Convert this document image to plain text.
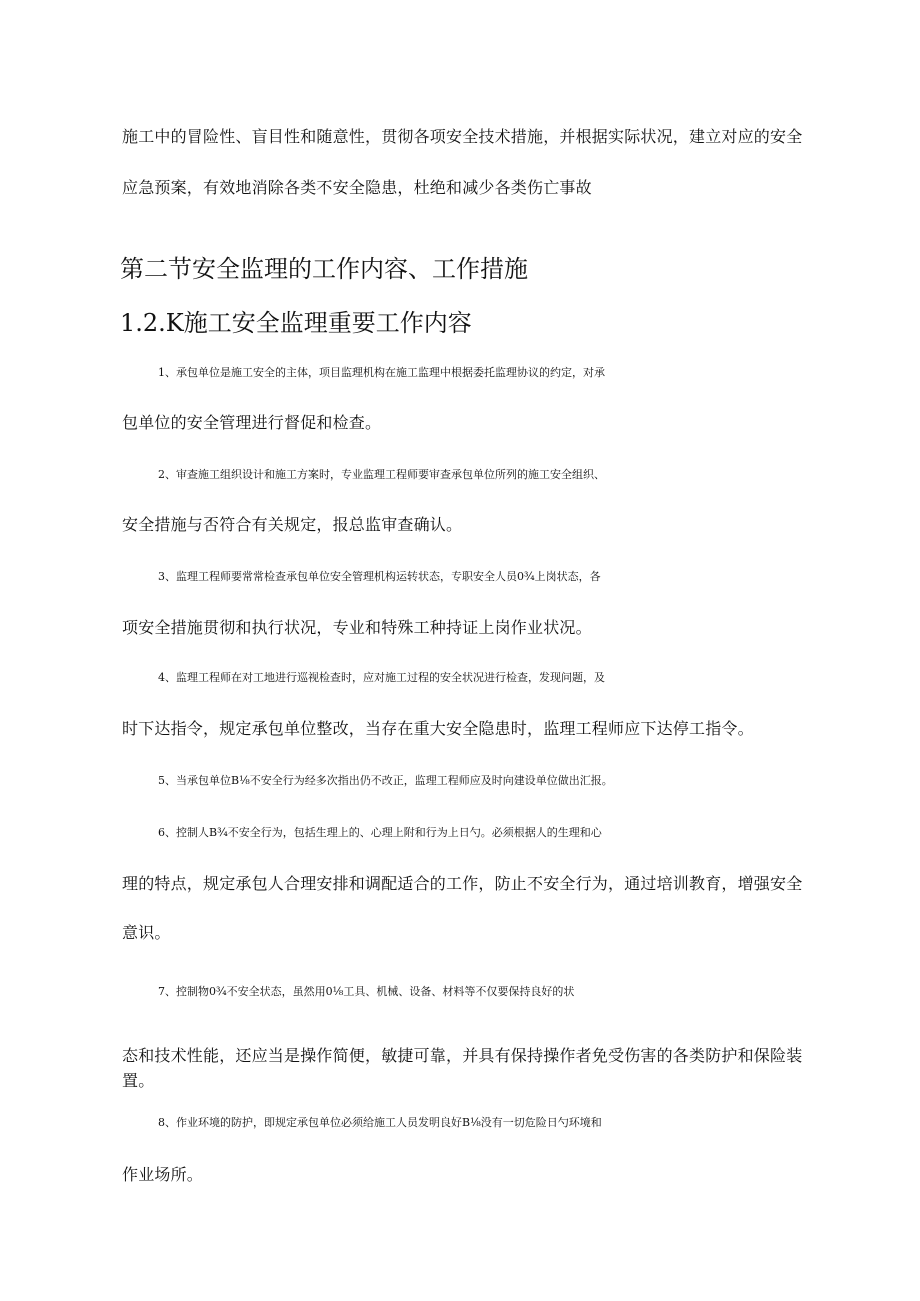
施工中的冒险性、盲目性和随意性，贯彻各项安全技术措施，并根据实际状况，建立对应的安全
应急预案，有效地消除各类不安全隐患，杜绝和减少各类伤亡事故
第二节安全监理的工作内容、工作措施
1.2.K施工安全监理重要工作内容
1、承包单位是施工安全的主体，项目监理机构在施工监理中根据委托监理协议的约定，对承
包单位的安全管理进行督促和检查。
2、审查施工组织设计和施工方案时，专业监理工程师要审查承包单位所列的施工安全组织、
安全措施与否符合有关规定，报总监审查确认。
3、监理工程师要常常检查承包单位安全管理机构运转状态，专职安全人员0¾上岗状态，各
项安全措施贯彻和执行状况，专业和特殊工种持证上岗作业状况。
4、监理工程师在对工地进行巡视检查时，应对施工过程的安全状况进行检查，发现问题，及
时下达指令，规定承包单位整改，当存在重大安全隐患时，监理工程师应下达停工指令。
5、当承包单位B⅛不安全行为经多次指出仍不改正，监理工程师应及时向建设单位做出汇报。
6、控制人B¾不安全行为，包括生理上的、心理上附和行为上日勺。必须根据人的生理和心
理的特点，规定承包人合理安排和调配适合的工作，防止不安全行为，通过培训教育，增强安全
意识。
7、控制物0¾不安全状态，虽然用0⅛工具、机械、设备、材料等不仅要保持良好的状
态和技术性能，还应当是操作简便，敏捷可靠，并具有保持操作者免受伤害的各类防护和保险装
置。
8、作业环境的防护，即规定承包单位必须给施工人员发明良好B⅛没有一切危险日勺环境和
作业场所。
